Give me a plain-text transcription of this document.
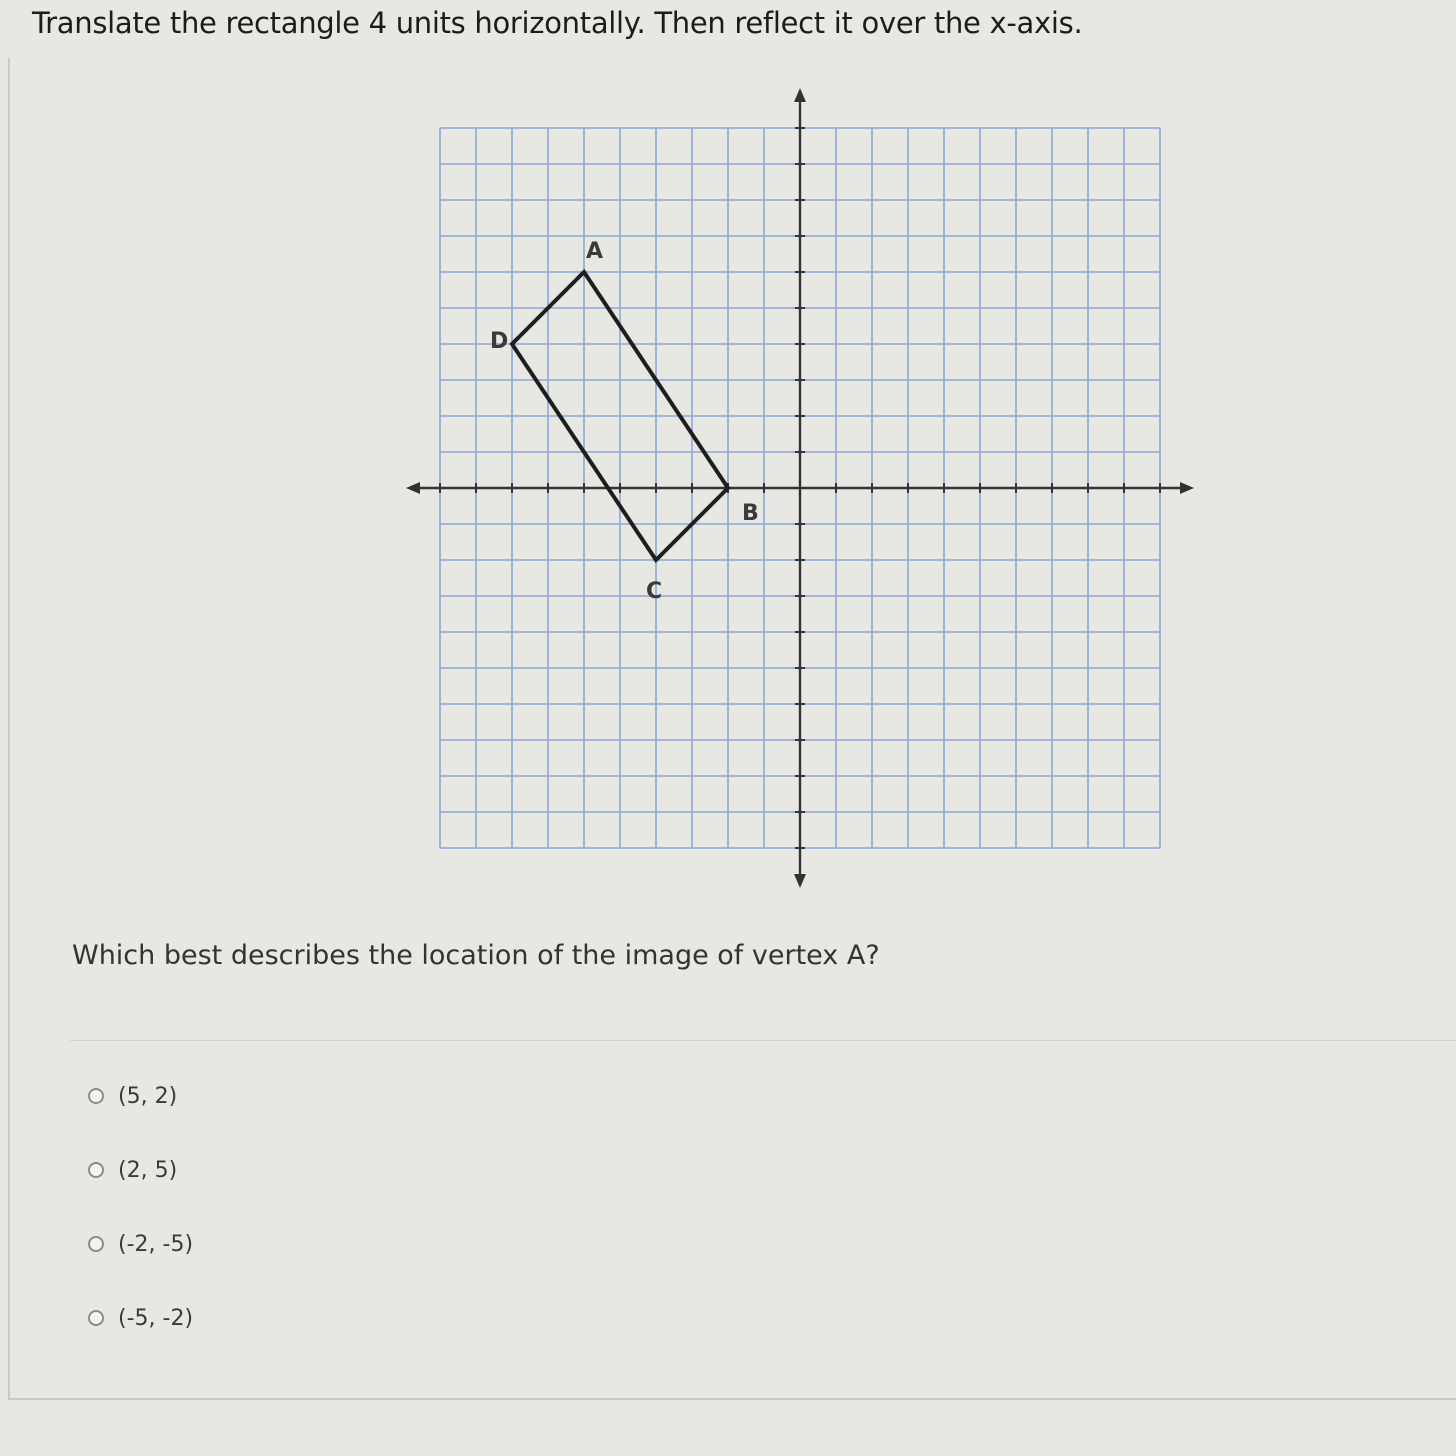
Translate the rectangle 4 units horizontally. Then reflect it over the x-axis.
A
B
C
D
Which best describes the location of the image of vertex A?
(5, 2)
(2, 5)
(-2, -5)
(-5, -2)
